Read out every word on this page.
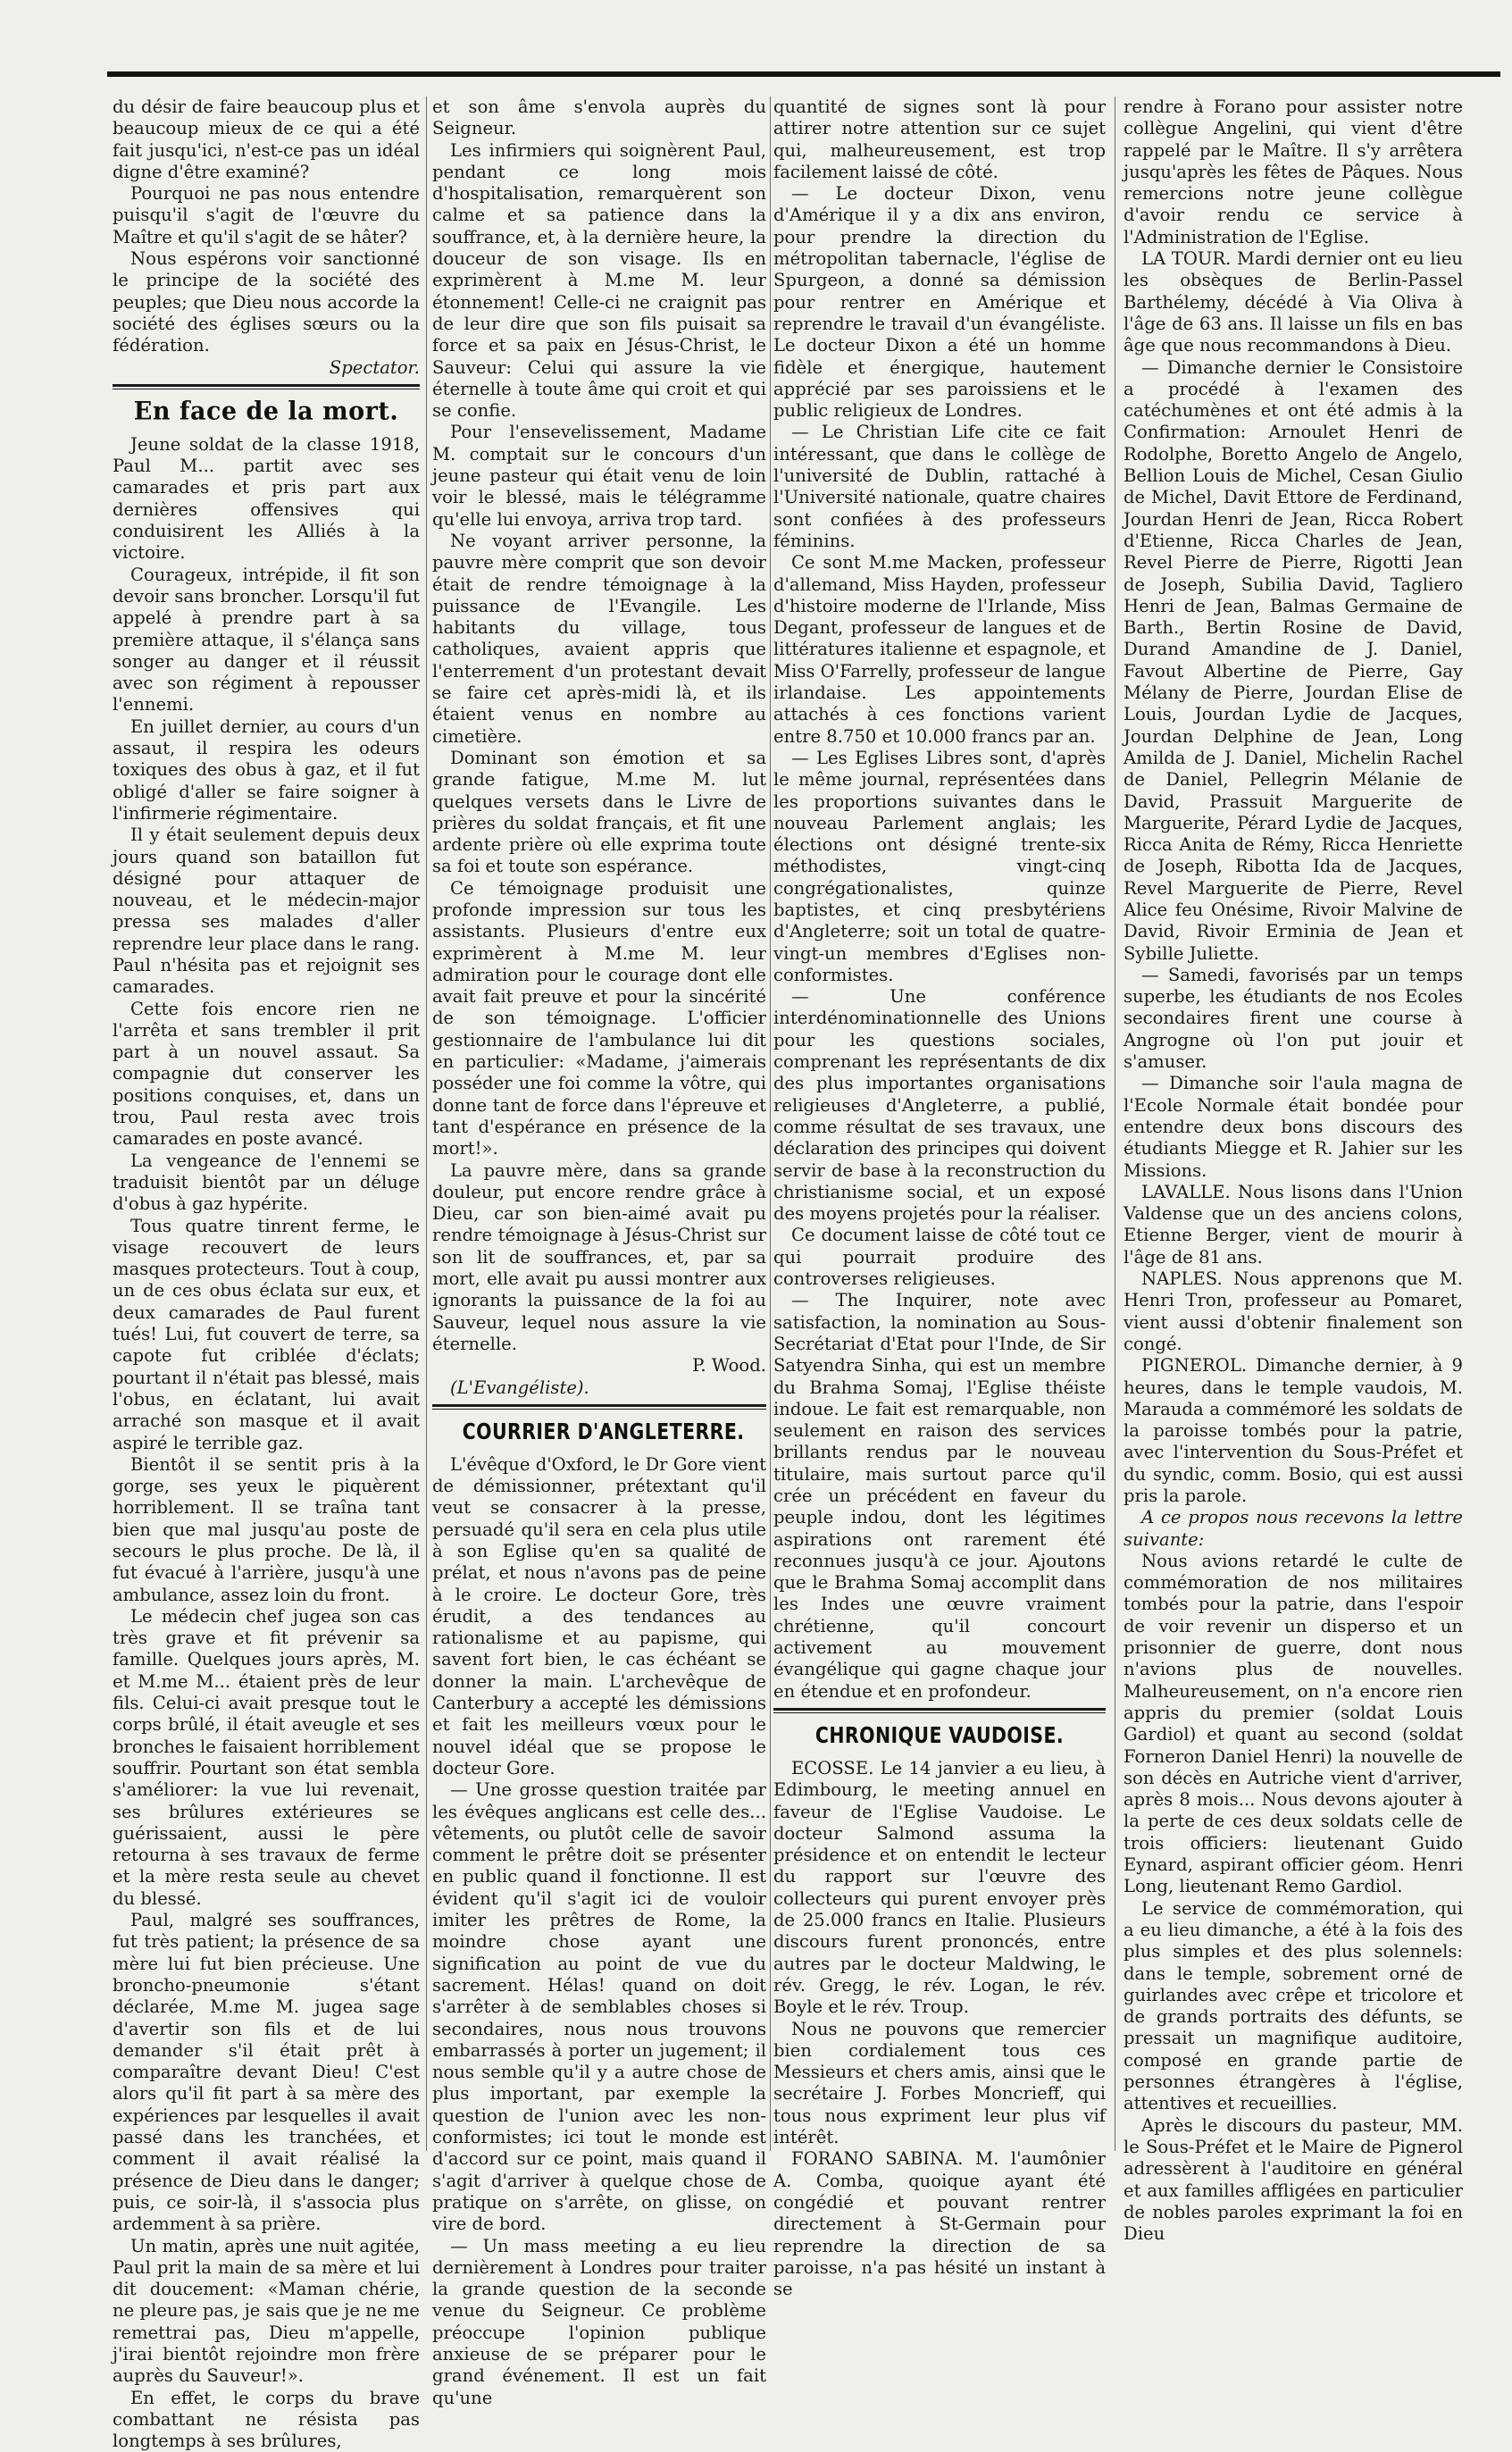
du désir de faire beaucoup plus et beaucoup mieux de ce qui a été fait jusqu'ici, n'est-ce pas un idéal digne d'être examiné?

Pourquoi ne pas nous entendre puisqu'il s'agit de l'œuvre du Maître et qu'il s'agit de se hâter?

Nous espérons voir sanctionné le principe de la société des peuples; que Dieu nous accorde la société des églises sœurs ou la fédération.

Spectator.
En face de la mort.

Jeune soldat de la classe 1918, Paul M... partit avec ses camarades et pris part aux dernières offensives qui conduisirent les Alliés à la victoire.

Courageux, intrépide, il fit son devoir sans broncher. Lorsqu'il fut appelé à prendre part à sa première attaque, il s'élança sans songer au danger et il réussit avec son régiment à repousser l'ennemi.

En juillet dernier, au cours d'un assaut, il respira les odeurs toxiques des obus à gaz, et il fut obligé d'aller se faire soigner à l'infirmerie régimentaire.

Il y était seulement depuis deux jours quand son bataillon fut désigné pour attaquer de nouveau, et le médecin-major pressa ses malades d'aller reprendre leur place dans le rang. Paul n'hésita pas et rejoignit ses camarades.

Cette fois encore rien ne l'arrêta et sans trembler il prit part à un nouvel assaut. Sa compagnie dut conserver les positions conquises, et, dans un trou, Paul resta avec trois camarades en poste avancé.

La vengeance de l'ennemi se traduisit bientôt par un déluge d'obus à gaz hypérite.

Tous quatre tinrent ferme, le visage recouvert de leurs masques protecteurs. Tout à coup, un de ces obus éclata sur eux, et deux camarades de Paul furent tués! Lui, fut couvert de terre, sa capote fut criblée d'éclats; pourtant il n'était pas blessé, mais l'obus, en éclatant, lui avait arraché son masque et il avait aspiré le terrible gaz.

Bientôt il se sentit pris à la gorge, ses yeux le piquèrent horriblement. Il se traîna tant bien que mal jusqu'au poste de secours le plus proche. De là, il fut évacué à l'arrière, jusqu'à une ambulance, assez loin du front.

Le médecin chef jugea son cas très grave et fit prévenir sa famille. Quelques jours après, M. et M.me M... étaient près de leur fils. Celui-ci avait presque tout le corps brûlé, il était aveugle et ses bronches le faisaient horriblement souffrir. Pourtant son état sembla s'améliorer: la vue lui revenait, ses brûlures extérieures se guérissaient, aussi le père retourna à ses travaux de ferme et la mère resta seule au chevet du blessé.

Paul, malgré ses souffrances, fut très patient; la présence de sa mère lui fut bien précieuse. Une broncho-pneumonie s'étant déclarée, M.me M. jugea sage d'avertir son fils et de lui demander s'il était prêt à comparaître devant Dieu! C'est alors qu'il fit part à sa mère des expériences par lesquelles il avait passé dans les tranchées, et comment il avait réalisé la présence de Dieu dans le danger; puis, ce soir-là, il s'associa plus ardemment à sa prière.

Un matin, après une nuit agitée, Paul prit la main de sa mère et lui dit doucement: «Maman chérie, ne pleure pas, je sais que je ne me remettrai pas, Dieu m'appelle, j'irai bientôt rejoindre mon frère auprès du Sauveur!».

En effet, le corps du brave combattant ne résista pas longtemps à ses brûlures,

et son âme s'envola auprès du Seigneur.

Les infirmiers qui soignèrent Paul, pendant ce long mois d'hospitalisation, remarquèrent son calme et sa patience dans la souffrance, et, à la dernière heure, la douceur de son visage. Ils en exprimèrent à M.me M. leur étonnement! Celle-ci ne craignit pas de leur dire que son fils puisait sa force et sa paix en Jésus-Christ, le Sauveur: Celui qui assure la vie éternelle à toute âme qui croit et qui se confie.

Pour l'ensevelissement, Madame M. comptait sur le concours d'un jeune pasteur qui était venu de loin voir le blessé, mais le télégramme qu'elle lui envoya, arriva trop tard.

Ne voyant arriver personne, la pauvre mère comprit que son devoir était de rendre témoignage à la puissance de l'Evangile. Les habitants du village, tous catholiques, avaient appris que l'enterrement d'un protestant devait se faire cet après-midi là, et ils étaient venus en nombre au cimetière.

Dominant son émotion et sa grande fatigue, M.me M. lut quelques versets dans le Livre de prières du soldat français, et fit une ardente prière où elle exprima toute sa foi et toute son espérance.

Ce témoignage produisit une profonde impression sur tous les assistants. Plusieurs d'entre eux exprimèrent à M.me M. leur admiration pour le courage dont elle avait fait preuve et pour la sincérité de son témoignage. L'officier gestionnaire de l'ambulance lui dit en particulier: «Madame, j'aimerais posséder une foi comme la vôtre, qui donne tant de force dans l'épreuve et tant d'espérance en présence de la mort!».

La pauvre mère, dans sa grande douleur, put encore rendre grâce à Dieu, car son bien-aimé avait pu rendre témoignage à Jésus-Christ sur son lit de souffrances, et, par sa mort, elle avait pu aussi montrer aux ignorants la puissance de la foi au Sauveur, lequel nous assure la vie éternelle.

P. Wood.

(L'Evangéliste).

COURRIER D'ANGLETERRE.

L'évêque d'Oxford, le Dr Gore vient de démissionner, prétextant qu'il veut se consacrer à la presse, persuadé qu'il sera en cela plus utile à son Eglise qu'en sa qualité de prélat, et nous n'avons pas de peine à le croire. Le docteur Gore, très érudit, a des tendances au rationalisme et au papisme, qui savent fort bien, le cas échéant se donner la main. L'archevêque de Canterbury a accepté les démissions et fait les meilleurs vœux pour le nouvel idéal que se propose le docteur Gore.

— Une grosse question traitée par les évêques anglicans est celle des... vêtements, ou plutôt celle de savoir comment le prêtre doit se présenter en public quand il fonctionne. Il est évident qu'il s'agit ici de vouloir imiter les prêtres de Rome, la moindre chose ayant une signification au point de vue du sacrement. Hélas! quand on doit s'arrêter à de semblables choses si secondaires, nous nous trouvons embarrassés à porter un jugement; il nous semble qu'il y a autre chose de plus important, par exemple la question de l'union avec les non-conformistes; ici tout le monde est d'accord sur ce point, mais quand il s'agit d'arriver à quelque chose de pratique on s'arrête, on glisse, on vire de bord.

— Un mass meeting a eu lieu dernièrement à Londres pour traiter la grande question de la seconde venue du Seigneur. Ce problème préoccupe l'opinion publique anxieuse de se préparer pour le grand événement. Il est un fait qu'une

quantité de signes sont là pour attirer notre attention sur ce sujet qui, malheureusement, est trop facilement laissé de côté.

— Le docteur Dixon, venu d'Amérique il y a dix ans environ, pour prendre la direction du métropolitan tabernacle, l'église de Spurgeon, a donné sa démission pour rentrer en Amérique et reprendre le travail d'un évangéliste. Le docteur Dixon a été un homme fidèle et énergique, hautement apprécié par ses paroissiens et le public religieux de Londres.

— Le Christian Life cite ce fait intéressant, que dans le collège de l'université de Dublin, rattaché à l'Université nationale, quatre chaires sont confiées à des professeurs féminins.

Ce sont M.me Macken, professeur d'allemand, Miss Hayden, professeur d'histoire moderne de l'Irlande, Miss Degant, professeur de langues et de littératures italienne et espagnole, et Miss O'Farrelly, professeur de langue irlandaise. Les appointements attachés à ces fonctions varient entre 8.750 et 10.000 francs par an.

— Les Eglises Libres sont, d'après le même journal, représentées dans les proportions suivantes dans le nouveau Parlement anglais; les élections ont désigné trente-six méthodistes, vingt-cinq congrégationalistes, quinze baptistes, et cinq presbytériens d'Angleterre; soit un total de quatre-vingt-un membres d'Eglises non-conformistes.

— Une conférence interdénominationnelle des Unions pour les questions sociales, comprenant les représentants de dix des plus importantes organisations religieuses d'Angleterre, a publié, comme résultat de ses travaux, une déclaration des principes qui doivent servir de base à la reconstruction du christianisme social, et un exposé des moyens projetés pour la réaliser.

Ce document laisse de côté tout ce qui pourrait produire des controverses religieuses.

— The Inquirer, note avec satisfaction, la nomination au Sous-Secrétariat d'Etat pour l'Inde, de Sir Satyendra Sinha, qui est un membre du Brahma Somaj, l'Eglise théiste indoue. Le fait est remarquable, non seulement en raison des services brillants rendus par le nouveau titulaire, mais surtout parce qu'il crée un précédent en faveur du peuple indou, dont les légitimes aspirations ont rarement été reconnues jusqu'à ce jour. Ajoutons que le Brahma Somaj accomplit dans les Indes une œuvre vraiment chrétienne, qu'il concourt activement au mouvement évangélique qui gagne chaque jour en étendue et en profondeur.

CHRONIQUE VAUDOISE.

ECOSSE. Le 14 janvier a eu lieu, à Edimbourg, le meeting annuel en faveur de l'Eglise Vaudoise. Le docteur Salmond assuma la présidence et on entendit le lecteur du rapport sur l'œuvre des collecteurs qui purent envoyer près de 25.000 francs en Italie. Plusieurs discours furent prononcés, entre autres par le docteur Maldwing, le rév. Gregg, le rév. Logan, le rév. Boyle et le rév. Troup.

Nous ne pouvons que remercier bien cordialement tous ces Messieurs et chers amis, ainsi que le secrétaire J. Forbes Moncrieff, qui tous nous expriment leur plus vif intérêt.

FORANO SABINA. M. l'aumônier A. Comba, quoique ayant été congédié et pouvant rentrer directement à St-Germain pour reprendre la direction de sa paroisse, n'a pas hésité un instant à se

rendre à Forano pour assister notre collègue Angelini, qui vient d'être rappelé par le Maître. Il s'y arrêtera jusqu'après les fêtes de Pâques. Nous remercions notre jeune collègue d'avoir rendu ce service à l'Administration de l'Eglise.

LA TOUR. Mardi dernier ont eu lieu les obsèques de Berlin-Passel Barthélemy, décédé à Via Oliva à l'âge de 63 ans. Il laisse un fils en bas âge que nous recommandons à Dieu.

— Dimanche dernier le Consistoire a procédé à l'examen des catéchumènes et ont été admis à la Confirmation: Arnoulet Henri de Rodolphe, Boretto Angelo de Angelo, Bellion Louis de Michel, Cesan Giulio de Michel, Davit Ettore de Ferdinand, Jourdan Henri de Jean, Ricca Robert d'Etienne, Ricca Charles de Jean, Revel Pierre de Pierre, Rigotti Jean de Joseph, Subilia David, Tagliero Henri de Jean, Balmas Germaine de Barth., Bertin Rosine de David, Durand Amandine de J. Daniel, Favout Albertine de Pierre, Gay Mélany de Pierre, Jourdan Elise de Louis, Jourdan Lydie de Jacques, Jourdan Delphine de Jean, Long Amilda de J. Daniel, Michelin Rachel de Daniel, Pellegrin Mélanie de David, Prassuit Marguerite de Marguerite, Pérard Lydie de Jacques, Ricca Anita de Rémy, Ricca Henriette de Joseph, Ribotta Ida de Jacques, Revel Marguerite de Pierre, Revel Alice feu Onésime, Rivoir Malvine de David, Rivoir Erminia de Jean et Sybille Juliette.

— Samedi, favorisés par un temps superbe, les étudiants de nos Ecoles secondaires firent une course à Angrogne où l'on put jouir et s'amuser.

— Dimanche soir l'aula magna de l'Ecole Normale était bondée pour entendre deux bons discours des étudiants Miegge et R. Jahier sur les Missions.

LAVALLE. Nous lisons dans l'Union Valdense que un des anciens colons, Etienne Berger, vient de mourir à l'âge de 81 ans.

NAPLES. Nous apprenons que M. Henri Tron, professeur au Pomaret, vient aussi d'obtenir finalement son congé.

PIGNEROL. Dimanche dernier, à 9 heures, dans le temple vaudois, M. Marauda a commémoré les soldats de la paroisse tombés pour la patrie, avec l'intervention du Sous-Préfet et du syndic, comm. Bosio, qui est aussi pris la parole.

A ce propos nous recevons la lettre suivante:

Nous avions retardé le culte de commémoration de nos militaires tombés pour la patrie, dans l'espoir de voir revenir un disperso et un prisonnier de guerre, dont nous n'avions plus de nouvelles. Malheureusement, on n'a encore rien appris du premier (soldat Louis Gardiol) et quant au second (soldat Forneron Daniel Henri) la nouvelle de son décès en Autriche vient d'arriver, après 8 mois... Nous devons ajouter à la perte de ces deux soldats celle de trois officiers: lieutenant Guido Eynard, aspirant officier géom. Henri Long, lieutenant Remo Gardiol.

Le service de commémoration, qui a eu lieu dimanche, a été à la fois des plus simples et des plus solennels: dans le temple, sobrement orné de guirlandes avec crêpe et tricolore et de grands portraits des défunts, se pressait un magnifique auditoire, composé en grande partie de personnes étrangères à l'église, attentives et recueillies.

Après le discours du pasteur, MM. le Sous-Préfet et le Maire de Pignerol adressèrent à l'auditoire en général et aux familles affligées en particulier de nobles paroles exprimant la foi en Dieu
